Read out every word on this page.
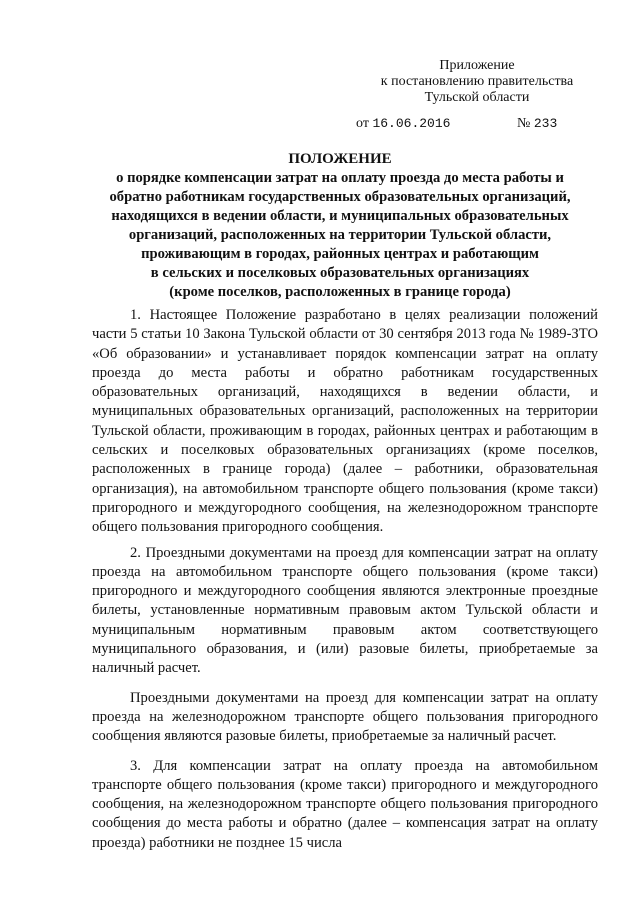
Приложение
к постановлению правительства
Тульской области
от 16.06.2016	№ 233
ПОЛОЖЕНИЕ
о порядке компенсации затрат на оплату проезда до места работы и
обратно работникам государственных образовательных организаций,
находящихся в ведении области, и муниципальных образовательных
организаций, расположенных на территории Тульской области,
проживающим в городах, районных центрах и работающим
в сельских и поселковых образовательных организациях
(кроме поселков, расположенных в границе города)

1. Настоящее Положение разработано в целях реализации положений части 5 статьи 10 Закона Тульской области от 30 сентября 2013 года № 1989-ЗТО «Об образовании» и устанавливает порядок компенсации затрат на оплату проезда до места работы и обратно работникам государственных образовательных организаций, находящихся в ведении области, и муниципальных образовательных организаций, расположенных на территории Тульской области, проживающим в городах, районных центрах и работающим в сельских и поселковых образовательных организациях (кроме поселков, расположенных в границе города) (далее – работники, образовательная организация), на автомобильном транспорте общего пользования (кроме такси) пригородного и междугородного сообщения, на железнодорожном транспорте общего пользования пригородного сообщения.

2. Проездными документами на проезд для компенсации затрат на оплату проезда на автомобильном транспорте общего пользования (кроме такси) пригородного и междугородного сообщения являются электронные проездные билеты, установленные нормативным правовым актом Тульской области и муниципальным нормативным правовым актом соответствующего муниципального образования, и (или) разовые билеты, приобретаемые за наличный расчет.

Проездными документами на проезд для компенсации затрат на оплату проезда на железнодорожном транспорте общего пользования пригородного сообщения являются разовые билеты, приобретаемые за наличный расчет.

3. Для компенсации затрат на оплату проезда на автомобильном транспорте общего пользования (кроме такси) пригородного и междугородного сообщения, на железнодорожном транспорте общего пользования пригородного сообщения до места работы и обратно (далее – компенсация затрат на оплату проезда) работники не позднее 15 числа
